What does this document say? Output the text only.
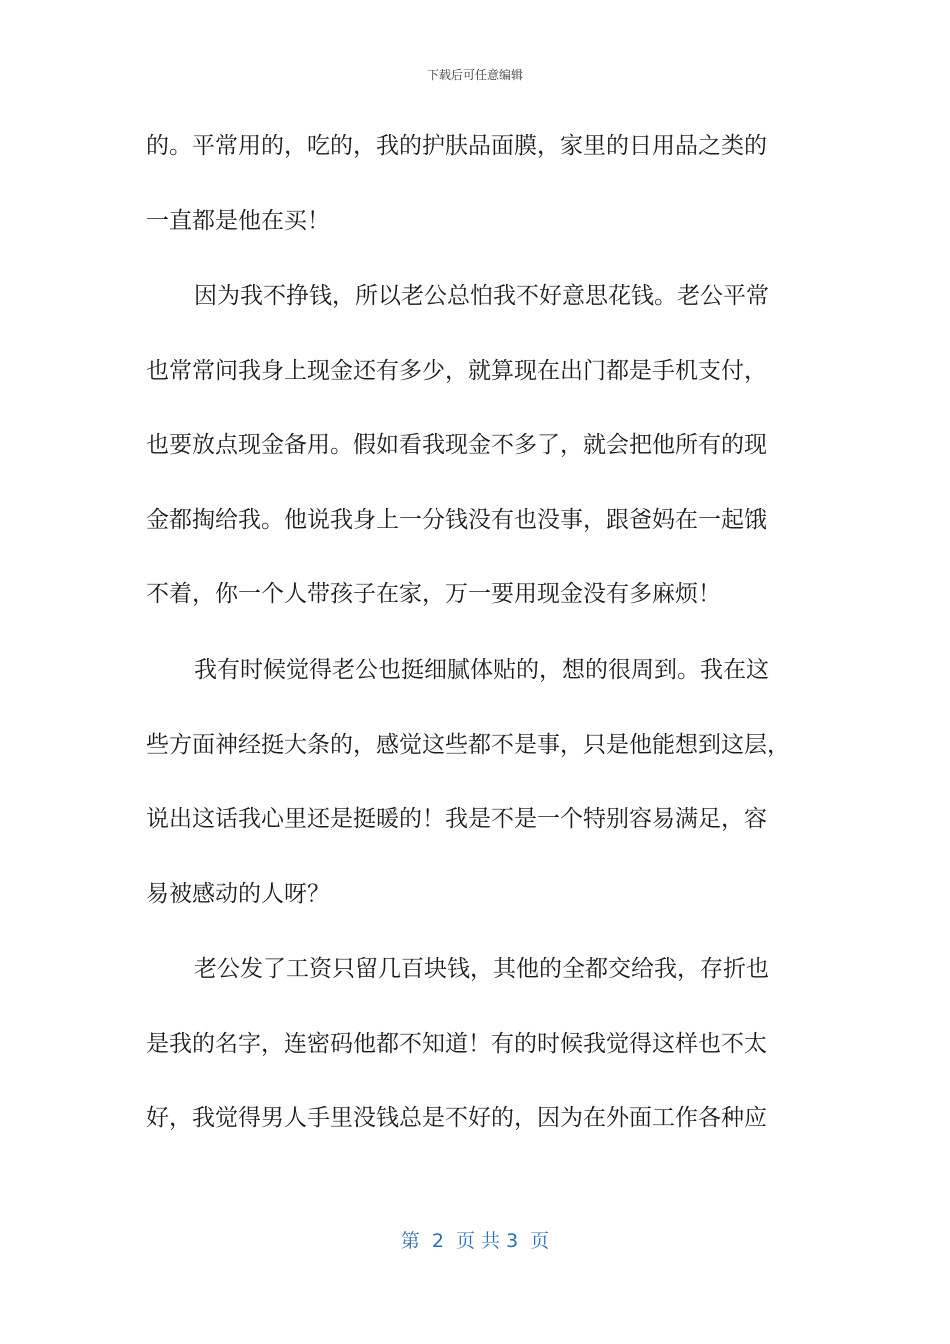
下载后可任意编辑
的。平常用的，吃的，我的护肤品面膜，家里的日用品之类的
一直都是他在买！
因为我不挣钱，所以老公总怕我不好意思花钱。老公平常
也常常问我身上现金还有多少，就算现在出门都是手机支付，
也要放点现金备用。假如看我现金不多了，就会把他所有的现
金都掏给我。他说我身上一分钱没有也没事，跟爸妈在一起饿
不着，你一个人带孩子在家，万一要用现金没有多麻烦！
我有时候觉得老公也挺细腻体贴的，想的很周到。我在这
些方面神经挺大条的，感觉这些都不是事，只是他能想到这层，
说出这话我心里还是挺暖的！我是不是一个特别容易满足，容
易被感动的人呀？
老公发了工资只留几百块钱，其他的全都交给我，存折也
是我的名字，连密码他都不知道！有的时候我觉得这样也不太
好，我觉得男人手里没钱总是不好的，因为在外面工作各种应
第  2  页 共 3  页
